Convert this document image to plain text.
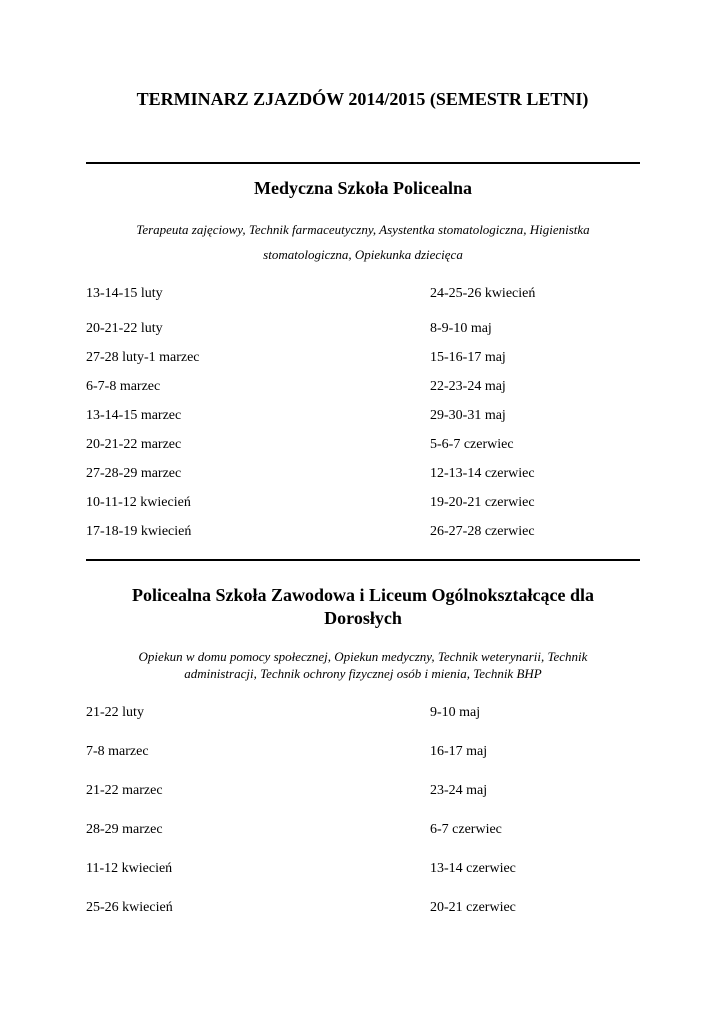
TERMINARZ ZJAZDÓW 2014/2015 (SEMESTR LETNI)
Medyczna Szkoła Policealna
Terapeuta zajęciowy, Technik farmaceutyczny, Asystentka stomatologiczna, Higienistka
stomatologiczna, Opiekunka dziecięca
13-14-15 luty	24-25-26 kwiecień
20-21-22 luty	8-9-10 maj
27-28 luty-1 marzec	15-16-17 maj
6-7-8 marzec	22-23-24 maj
13-14-15 marzec	29-30-31 maj
20-21-22 marzec	5-6-7 czerwiec
27-28-29 marzec	12-13-14 czerwiec
10-11-12 kwiecień	19-20-21 czerwiec
17-18-19 kwiecień	26-27-28 czerwiec
Policealna Szkoła Zawodowa i Liceum Ogólnokształcące dla
Dorosłych
Opiekun w domu pomocy społecznej, Opiekun medyczny, Technik weterynarii, Technik
administracji, Technik ochrony fizycznej osób i mienia, Technik BHP
21-22 luty	9-10 maj
7-8 marzec	16-17 maj
21-22 marzec	23-24 maj
28-29 marzec	6-7 czerwiec
11-12 kwiecień	13-14 czerwiec
25-26 kwiecień	20-21 czerwiec
